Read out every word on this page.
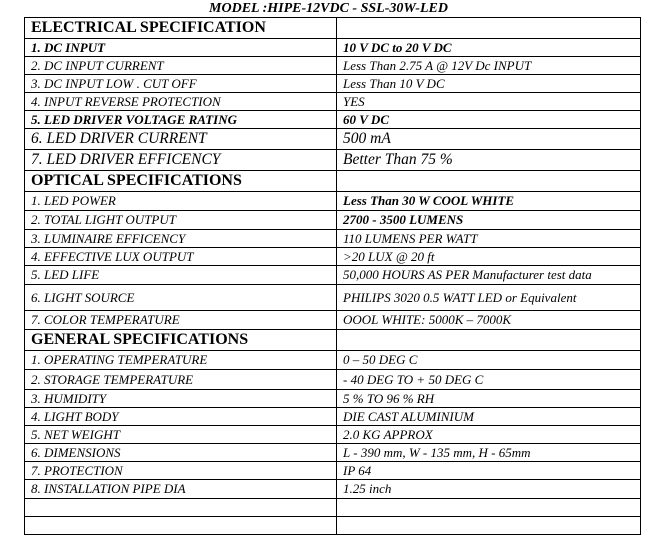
MODEL :HIPE-12VDC - SSL-30W-LED
ELECTRICAL SPECIFICATION	
1. DC INPUT	10 V DC to 20 V DC
2. DC INPUT CURRENT	Less Than 2.75 A @ 12V Dc INPUT
3. DC INPUT LOW . CUT OFF	Less Than 10 V DC
4. INPUT REVERSE PROTECTION	YES
5. LED DRIVER VOLTAGE RATING	60 V DC
6. LED DRIVER CURRENT	500 mA
7. LED DRIVER EFFICENCY	Better Than 75 %
OPTICAL SPECIFICATIONS	
1. LED POWER	Less Than 30 W COOL WHITE
2. TOTAL LIGHT OUTPUT	2700 - 3500 LUMENS
3. LUMINAIRE EFFICENCY	110 LUMENS PER WATT
4. EFFECTIVE LUX OUTPUT	>20 LUX @ 20 ft
5. LED LIFE	50,000 HOURS AS PER Manufacturer test data
6. LIGHT SOURCE	PHILIPS 3020 0.5 WATT LED or Equivalent
7. COLOR TEMPERATURE	OOOL WHITE: 5000K – 7000K
GENERAL SPECIFICATIONS	
1. OPERATING TEMPERATURE	0 – 50 DEG C
2. STORAGE TEMPERATURE	- 40 DEG TO + 50 DEG C
3. HUMIDITY	5 % TO 96 % RH
4. LIGHT BODY	DIE CAST ALUMINIUM
5. NET WEIGHT	2.0 KG APPROX
6. DIMENSIONS	L - 390 mm, W - 135 mm, H - 65mm
7. PROTECTION	IP 64
8. INSTALLATION PIPE DIA	1.25 inch
